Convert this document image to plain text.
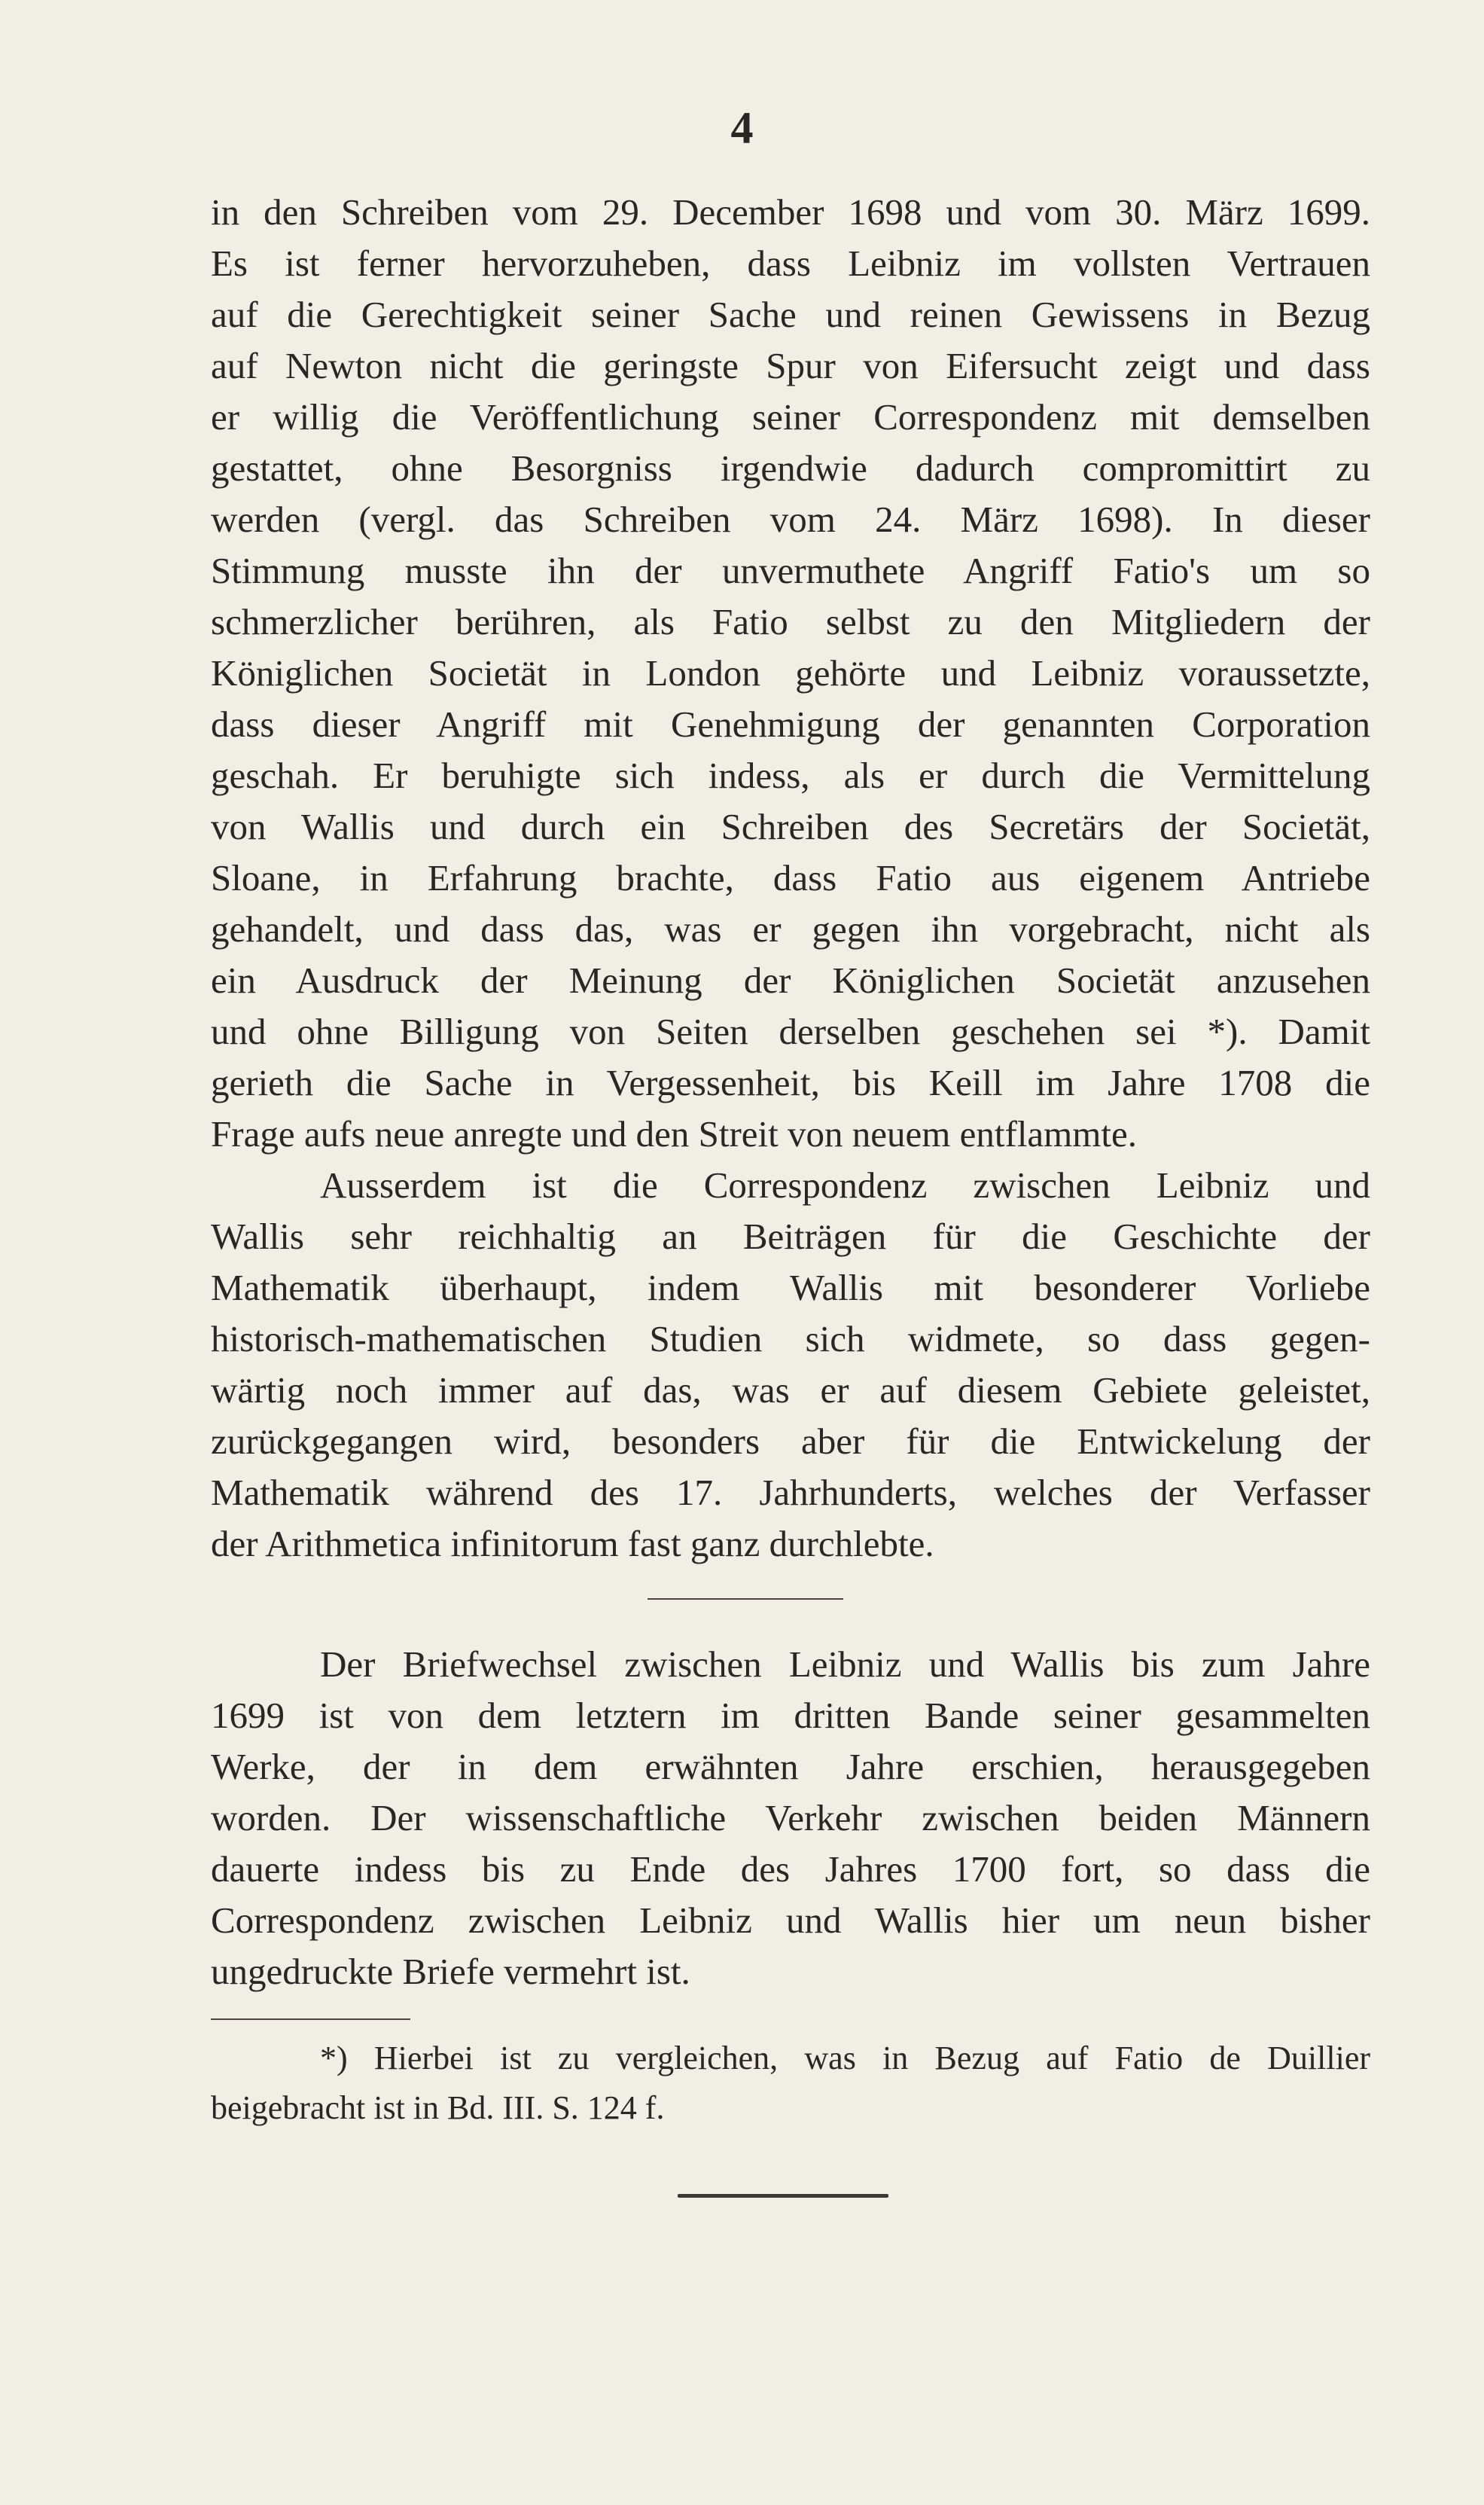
4

in den Schreiben vom 29. December 1698 und vom 30. März 1699.
Es ist ferner hervorzuheben, dass Leibniz im vollsten Vertrauen
auf die Gerechtigkeit seiner Sache und reinen Gewissens in Bezug
auf Newton nicht die geringste Spur von Eifersucht zeigt und dass
er willig die Veröffentlichung seiner Correspondenz mit demselben
gestattet, ohne Besorgniss irgendwie dadurch compromittirt zu
werden (vergl. das Schreiben vom 24. März 1698). In dieser
Stimmung musste ihn der unvermuthete Angriff Fatio's um so
schmerzlicher berühren, als Fatio selbst zu den Mitgliedern der
Königlichen Societät in London gehörte und Leibniz voraussetzte,
dass dieser Angriff mit Genehmigung der genannten Corporation
geschah. Er beruhigte sich indess, als er durch die Vermittelung
von Wallis und durch ein Schreiben des Secretärs der Societät,
Sloane, in Erfahrung brachte, dass Fatio aus eigenem Antriebe
gehandelt, und dass das, was er gegen ihn vorgebracht, nicht als
ein Ausdruck der Meinung der Königlichen Societät anzusehen
und ohne Billigung von Seiten derselben geschehen sei *). Damit
gerieth die Sache in Vergessenheit, bis Keill im Jahre 1708 die
Frage aufs neue anregte und den Streit von neuem entflammte.

Ausserdem ist die Correspondenz zwischen Leibniz und
Wallis sehr reichhaltig an Beiträgen für die Geschichte der
Mathematik überhaupt, indem Wallis mit besonderer Vorliebe
historisch-mathematischen Studien sich widmete, so dass gegen-
wärtig noch immer auf das, was er auf diesem Gebiete geleistet,
zurückgegangen wird, besonders aber für die Entwickelung der
Mathematik während des 17. Jahrhunderts, welches der Verfasser
der Arithmetica infinitorum fast ganz durchlebte.

Der Briefwechsel zwischen Leibniz und Wallis bis zum Jahre
1699 ist von dem letztern im dritten Bande seiner gesammelten
Werke, der in dem erwähnten Jahre erschien, herausgegeben
worden. Der wissenschaftliche Verkehr zwischen beiden Männern
dauerte indess bis zu Ende des Jahres 1700 fort, so dass die
Correspondenz zwischen Leibniz und Wallis hier um neun bisher
ungedruckte Briefe vermehrt ist.

*) Hierbei ist zu vergleichen, was in Bezug auf Fatio de Duillier
beigebracht ist in Bd. III. S. 124 f.
